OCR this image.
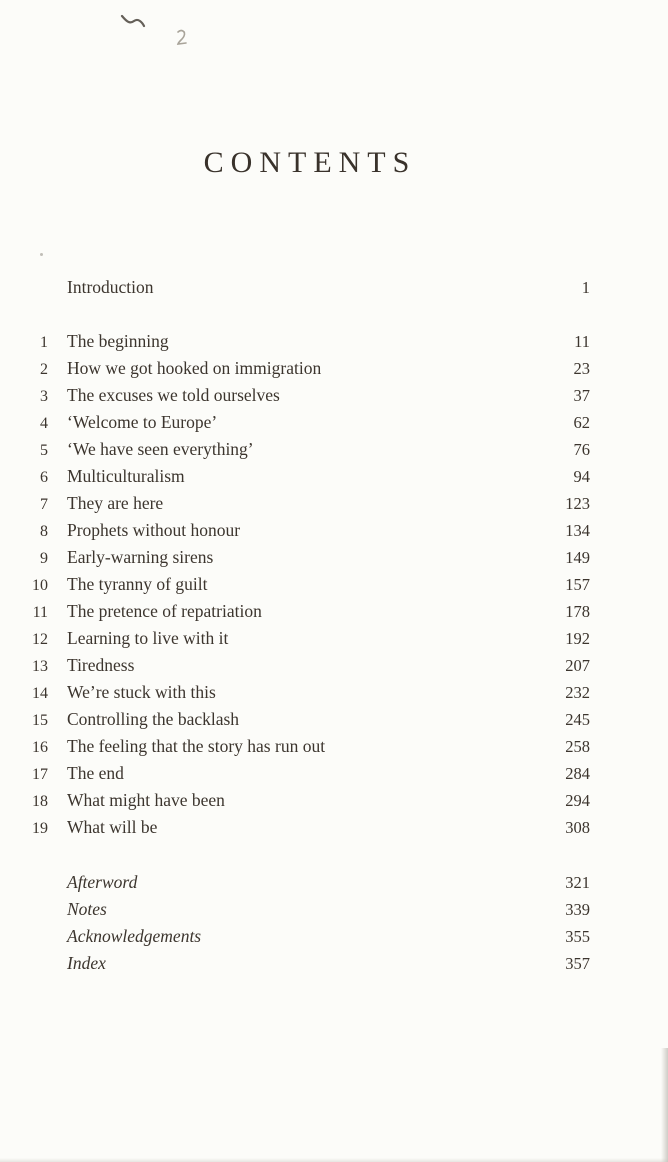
CONTENTS
Introduction	1
1 The beginning	11
2 How we got hooked on immigration	23
3 The excuses we told ourselves	37
4 ‘Welcome to Europe’	62
5 ‘We have seen everything’	76
6 Multiculturalism	94
7 They are here	123
8 Prophets without honour	134
9 Early-warning sirens	149
10 The tyranny of guilt	157
11 The pretence of repatriation	178
12 Learning to live with it	192
13 Tiredness	207
14 We’re stuck with this	232
15 Controlling the backlash	245
16 The feeling that the story has run out	258
17 The end	284
18 What might have been	294
19 What will be	308
Afterword	321
Notes	339
Acknowledgements	355
Index	357
